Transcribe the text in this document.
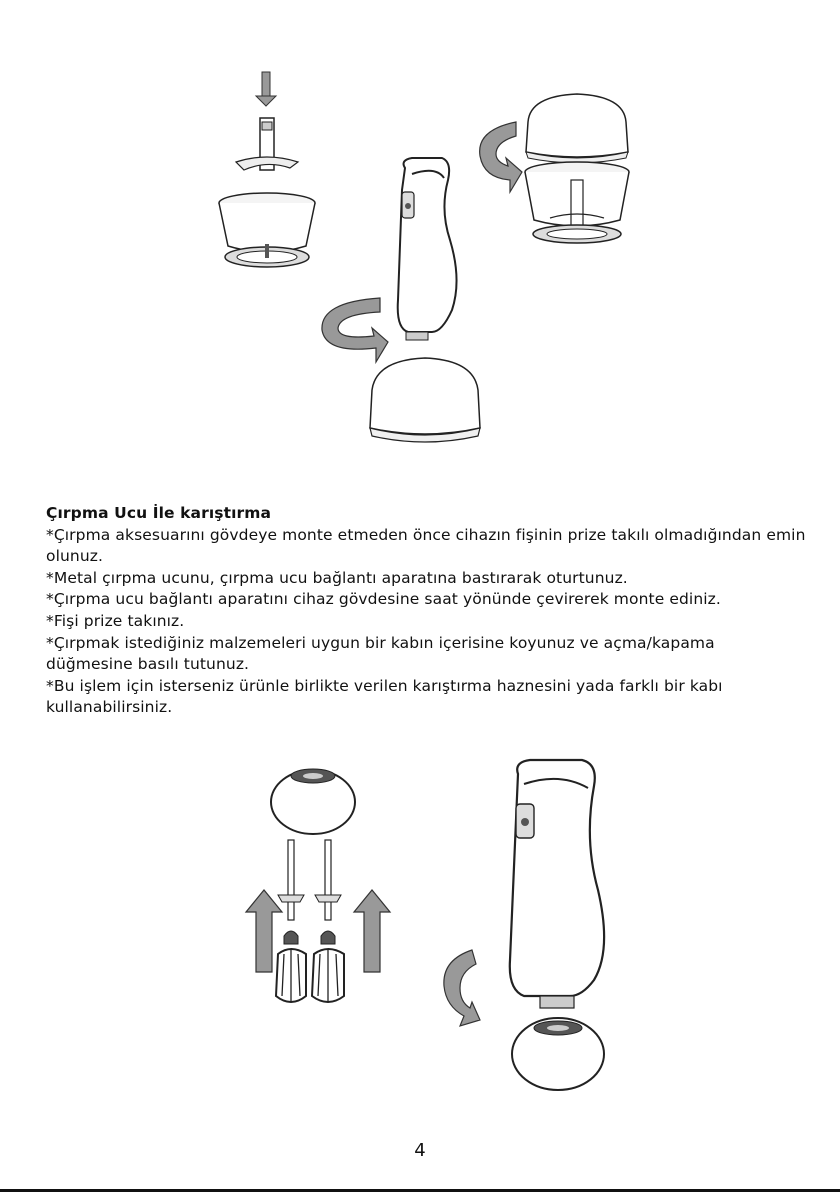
Çırpma Ucu İle karıştırma

*Çırpma aksesuarını gövdeye monte etmeden önce cihazın fişinin prize takılı olmadığından emin olunuz.

*Metal çırpma ucunu, çırpma ucu bağlantı aparatına bastırarak oturtunuz.

*Çırpma ucu bağlantı aparatını cihaz gövdesine saat yönünde çevirerek monte ediniz.

*Fişi prize takınız.

*Çırpmak istediğiniz malzemeleri uygun bir kabın içerisine koyunuz ve açma/kapama düğmesine basılı tutunuz.

*Bu işlem için isterseniz ürünle birlikte verilen karıştırma haznesini yada farklı bir kabı kullanabilirsiniz.

4
